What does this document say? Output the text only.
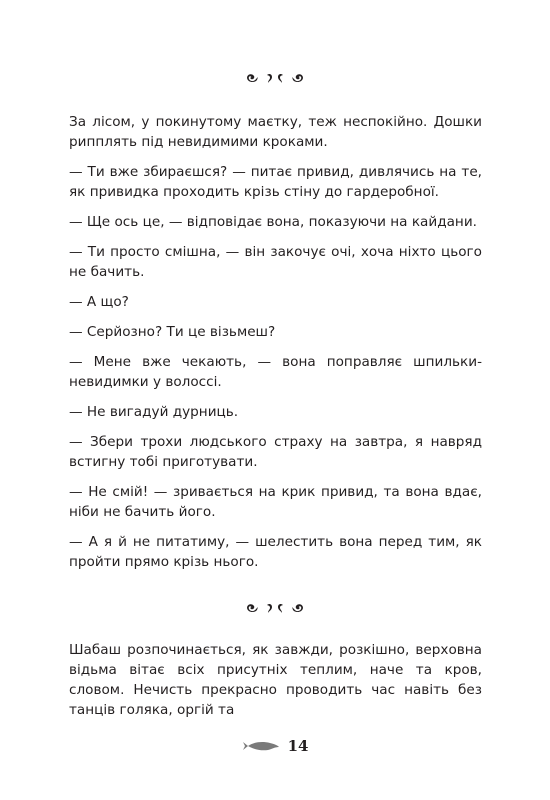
За лісом, у покинутому маєтку, теж неспокійно. Дошки рипплять під невидимими кроками.

— Ти вже збираєшся? — питає привид, дивлячись на те, як привидка проходить крізь стіну до гардеробної.

— Ще ось це, — відповідає вона, показуючи на кайдани.

— Ти просто смішна, — він закочує очі, хоча ніхто цього не бачить.

— А що?

— Серйозно? Ти це візьмеш?

— Мене вже чекають, — вона поправляє шпильки-невидимки у волоссі.

— Не вигадуй дурниць.

— Збери трохи людського страху на завтра, я навряд встигну тобі приготувати.

— Не смій! — зривається на крик привид, та вона вдає, ніби не бачить його.

— А я й не питатиму, — шелестить вона перед тим, як пройти прямо крізь нього.

Шабаш розпочинається, як завжди, розкішно, верховна відьма вітає всіх присутніх теплим, наче та кров, словом. Нечисть прекрасно проводить час навіть без танців голяка, оргій та

14
